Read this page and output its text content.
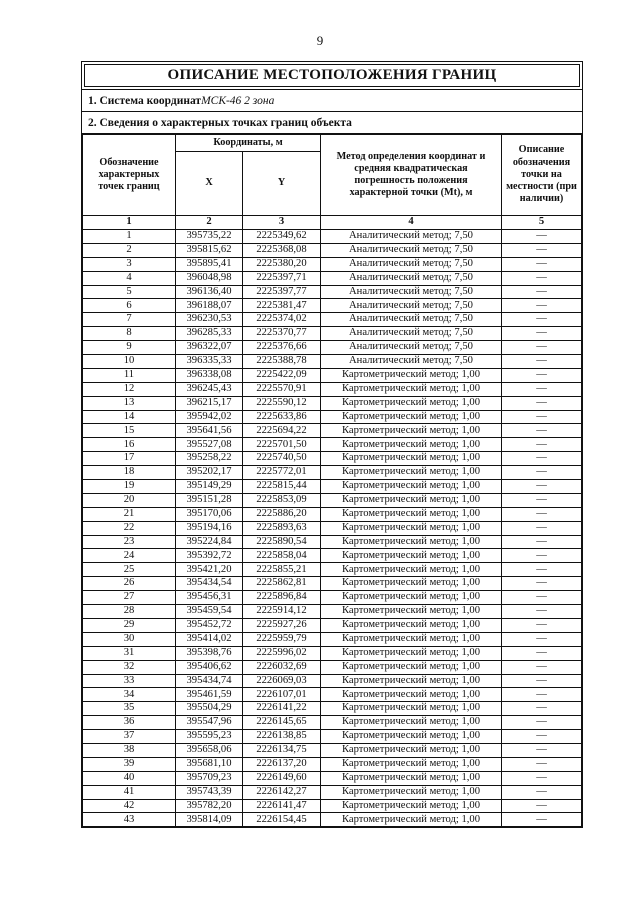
9
ОПИСАНИЕ МЕСТОПОЛОЖЕНИЯ ГРАНИЦ
1. Система координат МСК-46 2 зона
2. Сведения о характерных точках границ объекта
Обозначение характерных точек границ	Координаты, м		Метод определения координат и средняя квадратическая погрешность положения характерной точки (Mt), м	Описание обозначения точки на местности (при наличии)
	X	Y		
1	2	3	4	5
1	395735,22	2225349,62	Аналитический метод; 7,50	—
2	395815,62	2225368,08	Аналитический метод; 7,50	—
3	395895,41	2225380,20	Аналитический метод; 7,50	—
4	396048,98	2225397,71	Аналитический метод; 7,50	—
5	396136,40	2225397,77	Аналитический метод; 7,50	—
6	396188,07	2225381,47	Аналитический метод; 7,50	—
7	396230,53	2225374,02	Аналитический метод; 7,50	—
8	396285,33	2225370,77	Аналитический метод; 7,50	—
9	396322,07	2225376,66	Аналитический метод; 7,50	—
10	396335,33	2225388,78	Аналитический метод; 7,50	—
11	396338,08	2225422,09	Картометрический метод; 1,00	—
12	396245,43	2225570,91	Картометрический метод; 1,00	—
13	396215,17	2225590,12	Картометрический метод; 1,00	—
14	395942,02	2225633,86	Картометрический метод; 1,00	—
15	395641,56	2225694,22	Картометрический метод; 1,00	—
16	395527,08	2225701,50	Картометрический метод; 1,00	—
17	395258,22	2225740,50	Картометрический метод; 1,00	—
18	395202,17	2225772,01	Картометрический метод; 1,00	—
19	395149,29	2225815,44	Картометрический метод; 1,00	—
20	395151,28	2225853,09	Картометрический метод; 1,00	—
21	395170,06	2225886,20	Картометрический метод; 1,00	—
22	395194,16	2225893,63	Картометрический метод; 1,00	—
23	395224,84	2225890,54	Картометрический метод; 1,00	—
24	395392,72	2225858,04	Картометрический метод; 1,00	—
25	395421,20	2225855,21	Картометрический метод; 1,00	—
26	395434,54	2225862,81	Картометрический метод; 1,00	—
27	395456,31	2225896,84	Картометрический метод; 1,00	—
28	395459,54	2225914,12	Картометрический метод; 1,00	—
29	395452,72	2225927,26	Картометрический метод; 1,00	—
30	395414,02	2225959,79	Картометрический метод; 1,00	—
31	395398,76	2225996,02	Картометрический метод; 1,00	—
32	395406,62	2226032,69	Картометрический метод; 1,00	—
33	395434,74	2226069,03	Картометрический метод; 1,00	—
34	395461,59	2226107,01	Картометрический метод; 1,00	—
35	395504,29	2226141,22	Картометрический метод; 1,00	—
36	395547,96	2226145,65	Картометрический метод; 1,00	—
37	395595,23	2226138,85	Картометрический метод; 1,00	—
38	395658,06	2226134,75	Картометрический метод; 1,00	—
39	395681,10	2226137,20	Картометрический метод; 1,00	—
40	395709,23	2226149,60	Картометрический метод; 1,00	—
41	395743,39	2226142,27	Картометрический метод; 1,00	—
42	395782,20	2226141,47	Картометрический метод; 1,00	—
43	395814,09	2226154,45	Картометрический метод; 1,00	—
